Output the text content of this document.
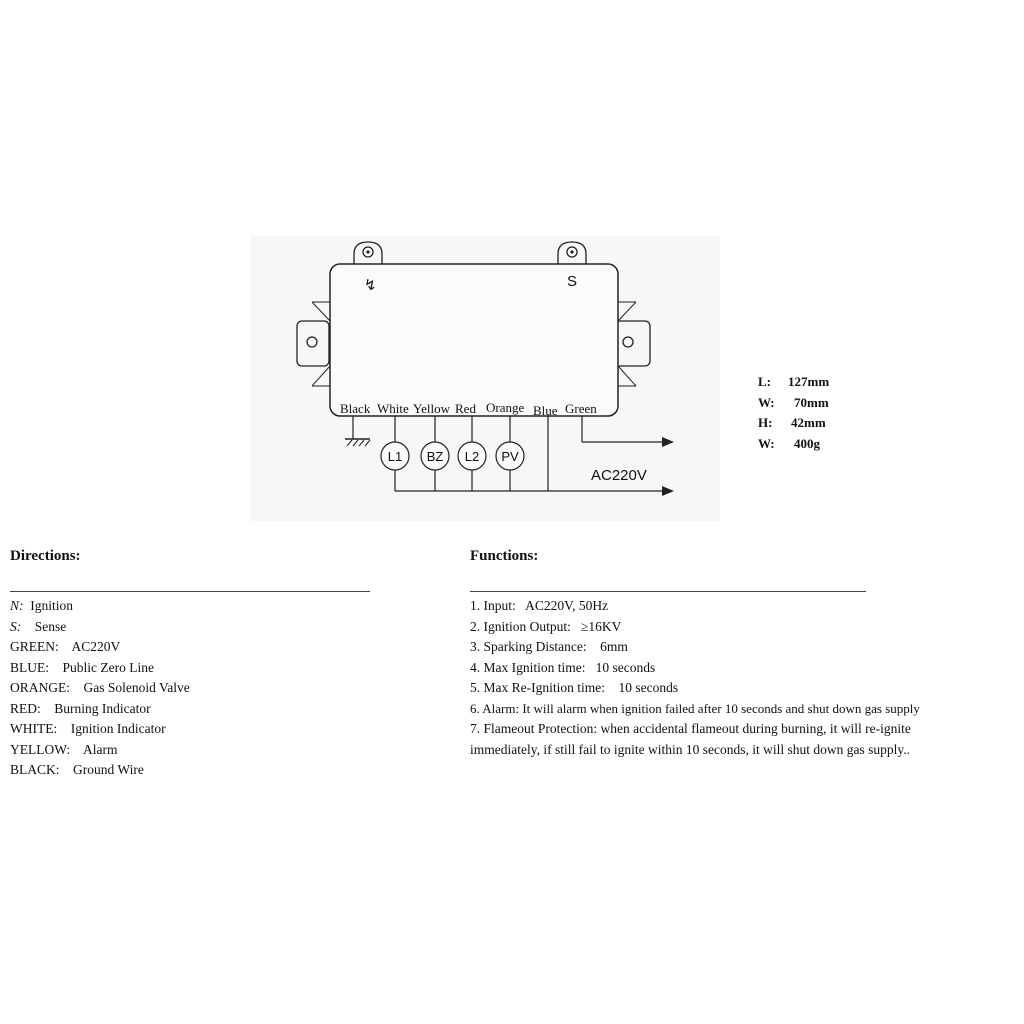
↯	S
Black White Yellow Red Orange Blue Green
L1 BZ L2 PV
AC220V
L:	127mm
W:	70mm
H:	42mm
W:	400g
Directions:
N: Ignition
S: Sense
GREEN: AC220V
BLUE: Public Zero Line
ORANGE: Gas Solenoid Valve
RED: Burning Indicator
WHITE: Ignition Indicator
YELLOW: Alarm
BLACK: Ground Wire
Functions:
1. Input:   AC220V, 50Hz
2. Ignition Output:   ≥16KV
3. Sparking Distance:    6mm
4. Max Ignition time:   10 seconds
5. Max Re-Ignition time:    10 seconds
6. Alarm: It will alarm when ignition failed after 10 seconds and shut down gas supply
7. Flameout Protection: when accidental flameout during burning, it will re-ignite
immediately, if still fail to ignite within 10 seconds, it will shut down gas supply..
